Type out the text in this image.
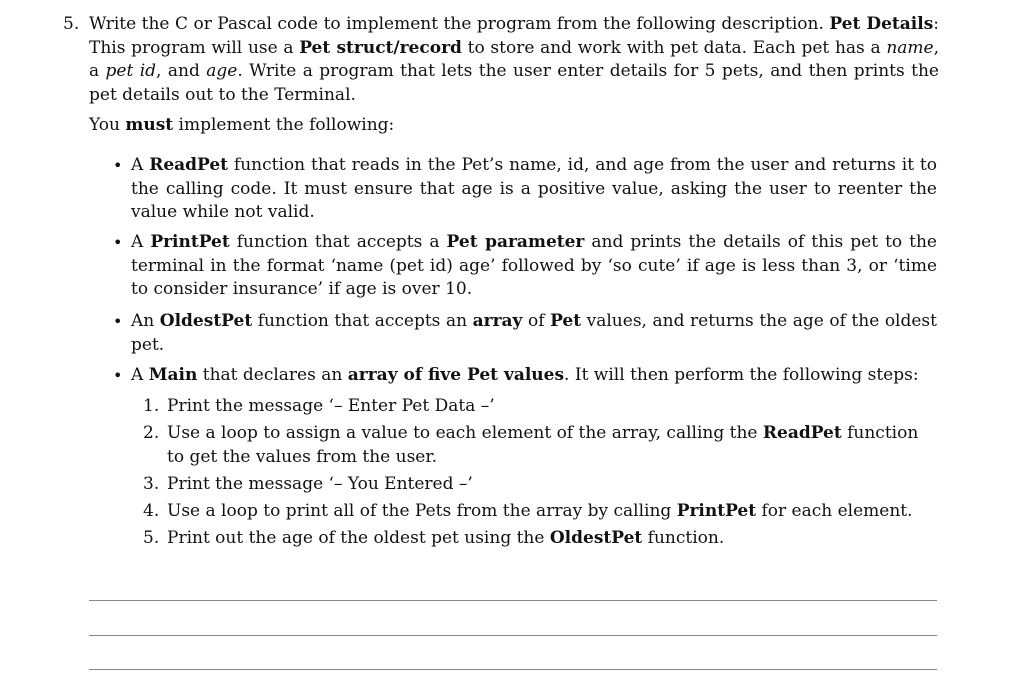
5. Write the C or Pascal code to implement the program from the following description. Pet Details: This program will use a Pet struct/record to store and work with pet data. Each pet has a name, a pet id, and age. Write a program that lets the user enter details for 5 pets, and then prints the pet details out to the Terminal.

You must implement the following:

• A ReadPet function that reads in the Pet’s name, id, and age from the user and returns it to the calling code. It must ensure that age is a positive value, asking the user to reenter the value while not valid.

• A PrintPet function that accepts a Pet parameter and prints the details of this pet to the terminal in the format ‘name (pet id) age’ followed by ‘so cute’ if age is less than 3, or ‘time to consider insurance’ if age is over 10.

• An OldestPet function that accepts an array of Pet values, and returns the age of the oldest pet.

• A Main that declares an array of five Pet values. It will then perform the following steps:

1. Print the message ‘– Enter Pet Data –’

2. Use a loop to assign a value to each element of the array, calling the ReadPet function to get the values from the user.

3. Print the message ‘– You Entered –’

4. Use a loop to print all of the Pets from the array by calling PrintPet for each element.

5. Print out the age of the oldest pet using the OldestPet function.
